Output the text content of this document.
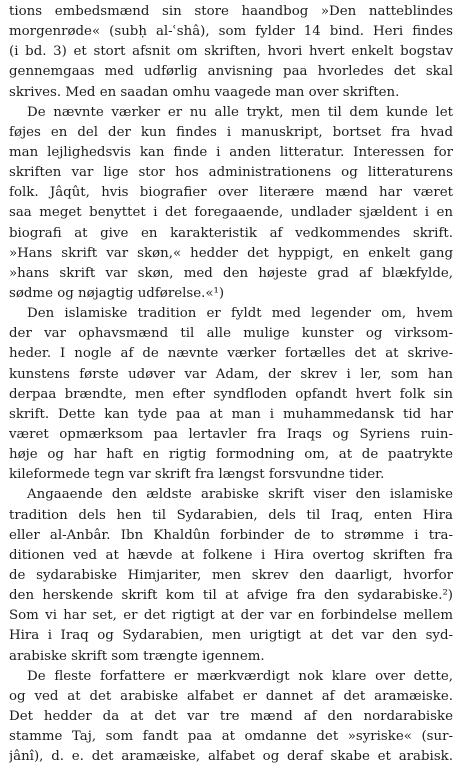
tions embedsmænd sin store haandbog »Den natteblindes
morgenrøde« (subḥ al-ʿshâ), som fylder 14 bind. Heri findes
(i bd. 3) et stort afsnit om skriften, hvori hvert enkelt bogstav
gennemgaas med udførlig anvisning paa hvorledes det skal
skrives. Med en saadan omhu vaagede man over skriften.
De nævnte værker er nu alle trykt, men til dem kunde let
føjes en del der kun findes i manuskript, bortset fra hvad
man lejlighedsvis kan finde i anden litteratur. Interessen for
skriften var lige stor hos administrationens og litteraturens
folk. Jâqût, hvis biografier over literære mænd har været
saa meget benyttet i det foregaaende, undlader sjældent i en
biografi at give en karakteristik af vedkommendes skrift.
»Hans skrift var skøn,« hedder det hyppigt, en enkelt gang
»hans skrift var skøn, med den højeste grad af blækfylde,
sødme og nøjagtig udførelse.«¹)
Den islamiske tradition er fyldt med legender om, hvem
der var ophavsmænd til alle mulige kunster og virksom-
heder. I nogle af de nævnte værker fortælles det at skrive-
kunstens første udøver var Adam, der skrev i ler, som han
derpaa brændte, men efter syndfloden opfandt hvert folk sin
skrift. Dette kan tyde paa at man i muhammedansk tid har
været opmærksom paa lertavler fra Iraqs og Syriens ruin-
høje og har haft en rigtig formodning om, at de paatrykte
kileformede tegn var skrift fra længst forsvundne tider.
Angaaende den ældste arabiske skrift viser den islamiske
tradition dels hen til Sydarabien, dels til Iraq, enten Hira
eller al-Anbâr. Ibn Khaldûn forbinder de to strømme i tra-
ditionen ved at hævde at folkene i Hira overtog skriften fra
de sydarabiske Himjariter, men skrev den daarligt, hvorfor
den herskende skrift kom til at afvige fra den sydarabiske.²)
Som vi har set, er det rigtigt at der var en forbindelse mellem
Hira i Iraq og Sydarabien, men urigtigt at det var den syd-
arabiske skrift som trængte igennem.
De fleste forfattere er mærkværdigt nok klare over dette,
og ved at det arabiske alfabet er dannet af det aramæiske.
Det hedder da at det var tre mænd af den nordarabiske
stamme Taj, som fandt paa at omdanne det »syriske« (sur-
jânî), d. e. det aramæiske, alfabet og deraf skabe et arabisk.
